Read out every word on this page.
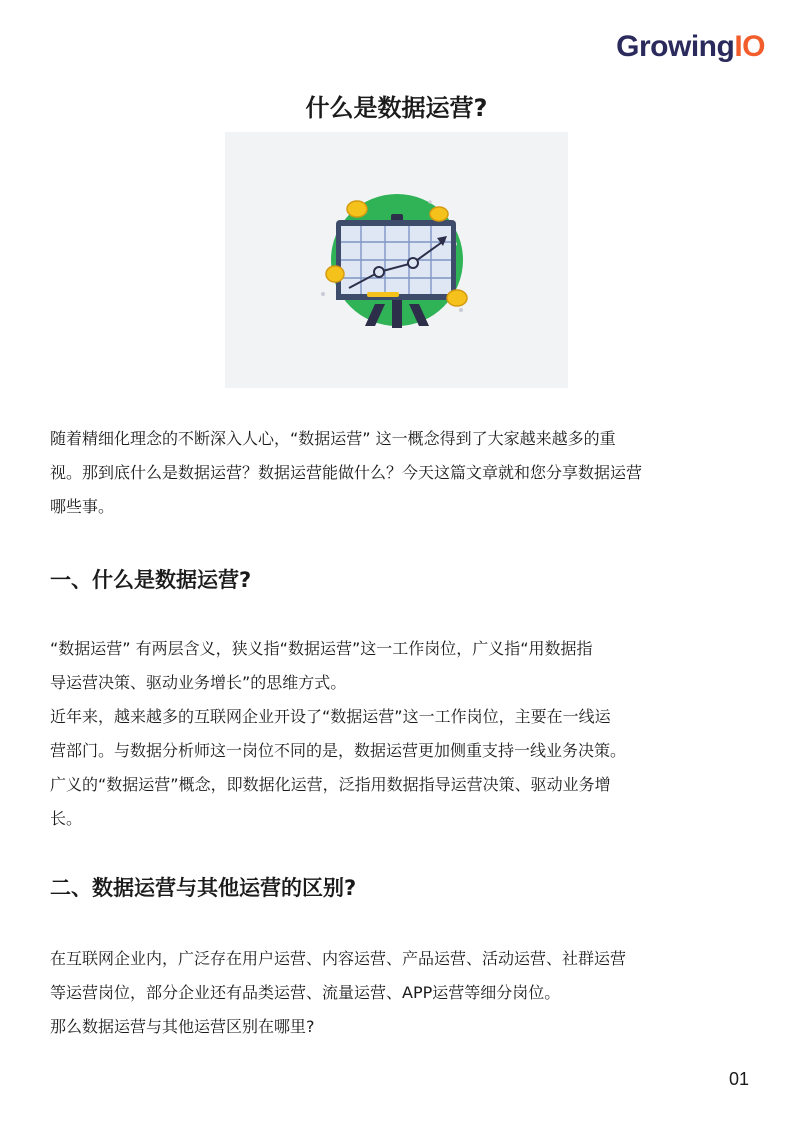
GrowingIO
什么是数据运营?

随着精细化理念的不断深入人心，“数据运营” 这一概念得到了大家越来越多的重

视。那到底什么是数据运营？数据运营能做什么？今天这篇文章就和您分享数据运营

哪些事。

一、什么是数据运营?

“数据运营” 有两层含义，狭义指“数据运营”这一工作岗位，广义指“用数据指

导运营决策、驱动业务增长”的思维方式。

近年来，越来越多的互联网企业开设了“数据运营”这一工作岗位，主要在一线运

营部门。与数据分析师这一岗位不同的是，数据运营更加侧重支持一线业务决策。

广义的“数据运营”概念，即数据化运营，泛指用数据指导运营决策、驱动业务增

长。

二、数据运营与其他运营的区别?

在互联网企业内，广泛存在用户运营、内容运营、产品运营、活动运营、社群运营

等运营岗位，部分企业还有品类运营、流量运营、APP运营等细分岗位。

那么数据运营与其他运营区别在哪里?

01
